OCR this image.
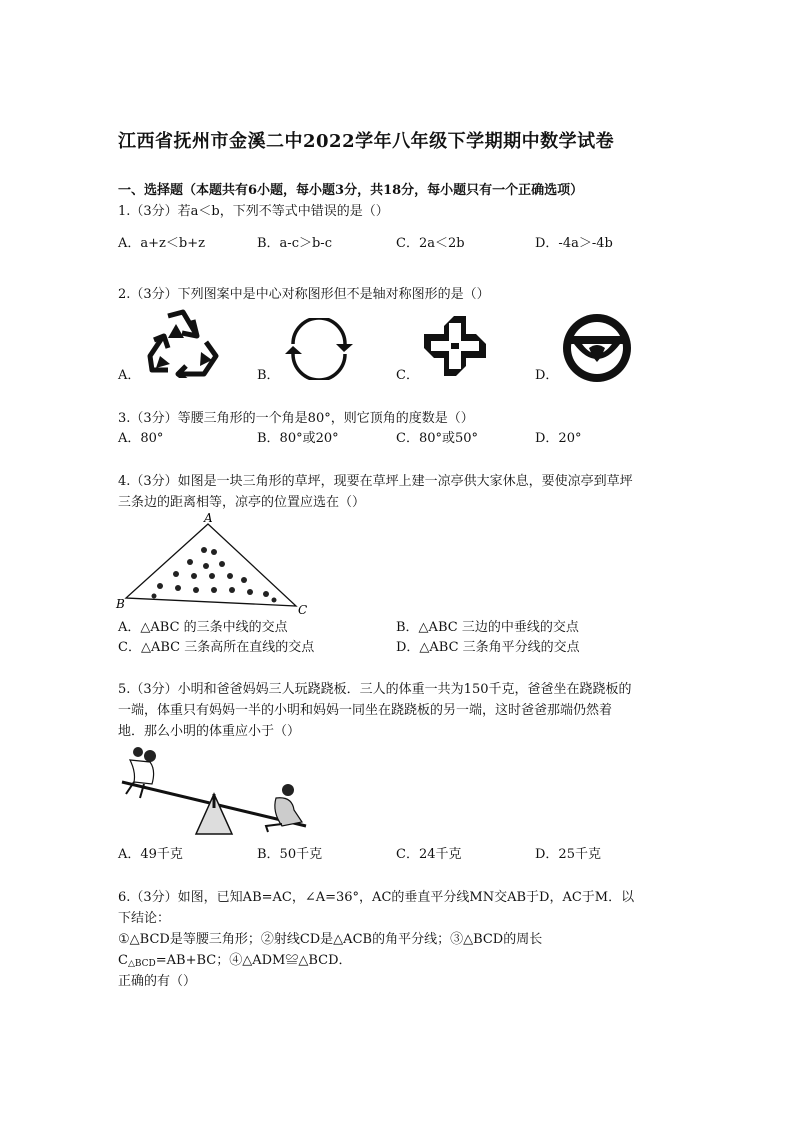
江西省抚州市金溪二中2022学年八年级下学期期中数学试卷
一、选择题（本题共有6小题，每小题3分，共18分，每小题只有一个正确选项）
1.（3分）若a＜b，下列不等式中错误的是（）
A．a+z＜b+z	B．a-c＞b-c	C．2a＜2b	D．-4a＞-4b
2.（3分）下列图案中是中心对称图形但不是轴对称图形的是（）
A．	B．	C．	D．
3.（3分）等腰三角形的一个角是80°，则它顶角的度数是（）
A．80°	B．80°或20°	C．80°或50°	D．20°
4.（3分）如图是一块三角形的草坪，现要在草坪上建一凉亭供大家休息，要使凉亭到草坪
三条边的距离相等，凉亭的位置应选在（）
A
B	C
A．△ABC 的三条中线的交点	B．△ABC 三边的中垂线的交点
C．△ABC 三条高所在直线的交点	D．△ABC 三条角平分线的交点
5.（3分）小明和爸爸妈妈三人玩跷跷板．三人的体重一共为150千克，爸爸坐在跷跷板的
一端，体重只有妈妈一半的小明和妈妈一同坐在跷跷板的另一端，这时爸爸那端仍然着
地．那么小明的体重应小于（）
A．49千克	B．50千克	C．24千克	D．25千克
6.（3分）如图，已知AB=AC，∠A=36°，AC的垂直平分线MN交AB于D，AC于M．以
下结论：
①△BCD是等腰三角形；②射线CD是△ACB的角平分线；③△BCD的周长
$C_{\triangle BCD}=AB+BC$；④△ADM≌△BCD．
正确的有（）
